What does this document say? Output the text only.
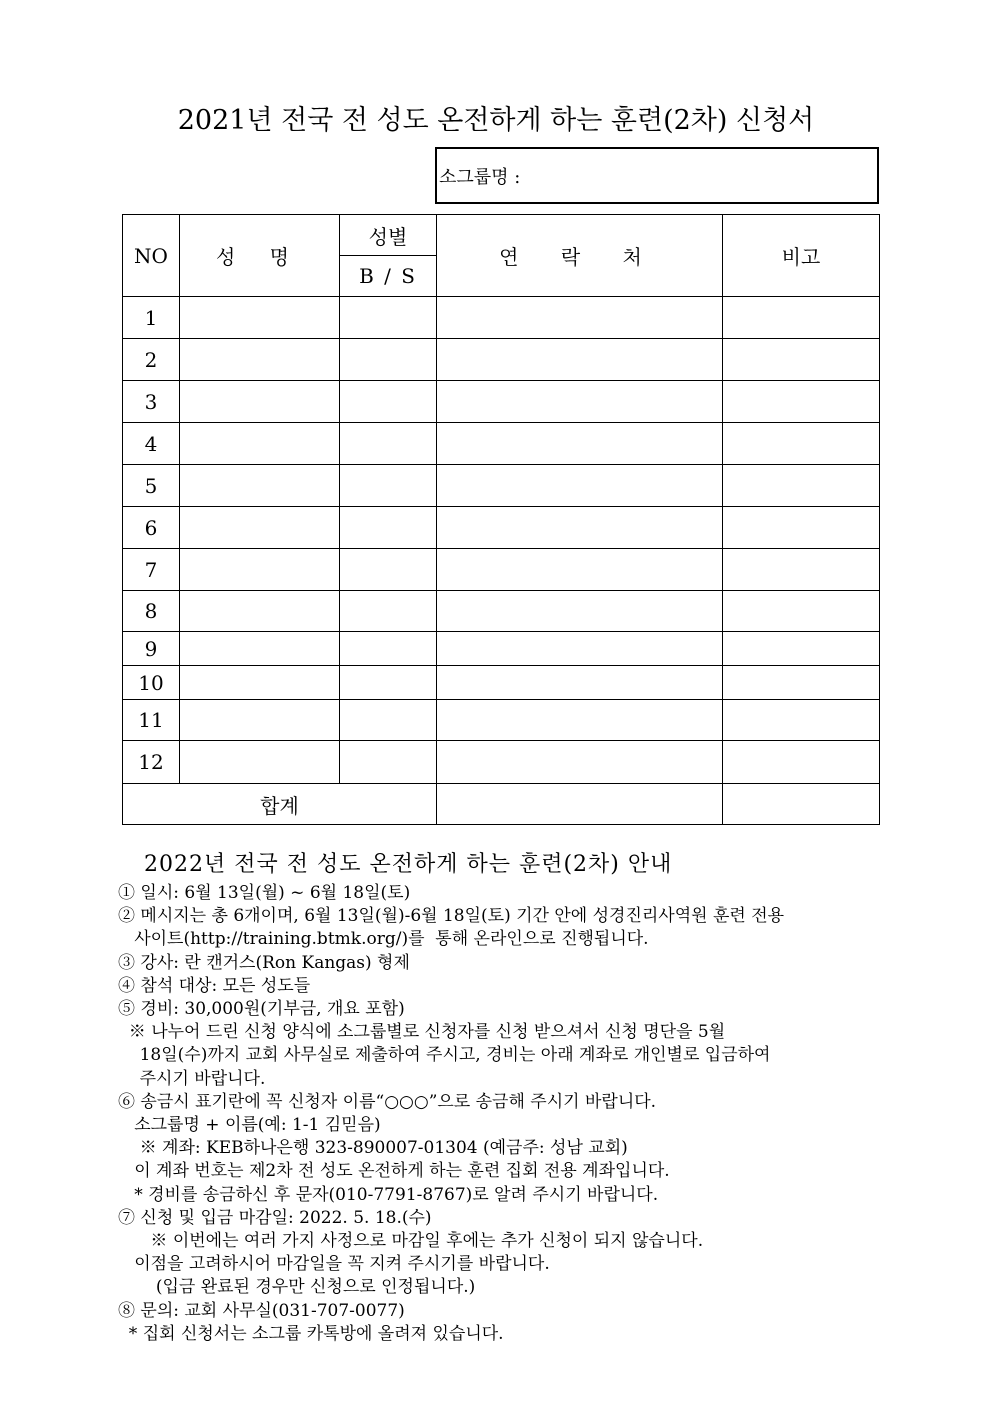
2021년 전국 전 성도 온전하게 하는 훈련(2차) 신청서
소그룹명 :
NO	성 명	성별	연 락 처	비고
		B / S		
1				
2				
3				
4				
5				
6				
7				
8				
9				
10				
11				
12				
합계				
2022년 전국 전 성도 온전하게 하는 훈련(2차) 안내
① 일시: 6월 13일(월) ~ 6월 18일(토)
② 메시지는 총 6개이며, 6월 13일(월)-6월 18일(토) 기간 안에 성경진리사역원 훈련 전용
사이트(http://training.btmk.org/)를  통해 온라인으로 진행됩니다.
③ 강사: 란 캔거스(Ron Kangas) 형제
④ 참석 대상: 모든 성도들
⑤ 경비: 30,000원(기부금, 개요 포함)
※ 나누어 드린 신청 양식에 소그룹별로 신청자를 신청 받으셔서 신청 명단을 5월
18일(수)까지 교회 사무실로 제출하여 주시고, 경비는 아래 계좌로 개인별로 입금하여
주시기 바랍니다.
⑥ 송금시 표기란에 꼭 신청자 이름“○○○”으로 송금해 주시기 바랍니다.
소그룹명 + 이름(예: 1-1 김믿음)
※ 계좌: KEB하나은행 323-890007-01304 (예금주: 성남 교회)
이 계좌 번호는 제2차 전 성도 온전하게 하는 훈련 집회 전용 계좌입니다.
* 경비를 송금하신 후 문자(010-7791-8767)로 알려 주시기 바랍니다.
⑦ 신청 및 입금 마감일: 2022. 5. 18.(수)
※ 이번에는 여러 가지 사정으로 마감일 후에는 추가 신청이 되지 않습니다.
이점을 고려하시어 마감일을 꼭 지켜 주시기를 바랍니다.
(입금 완료된 경우만 신청으로 인정됩니다.)
⑧ 문의: 교회 사무실(031-707-0077)
* 집회 신청서는 소그룹 카톡방에 올려져 있습니다.
